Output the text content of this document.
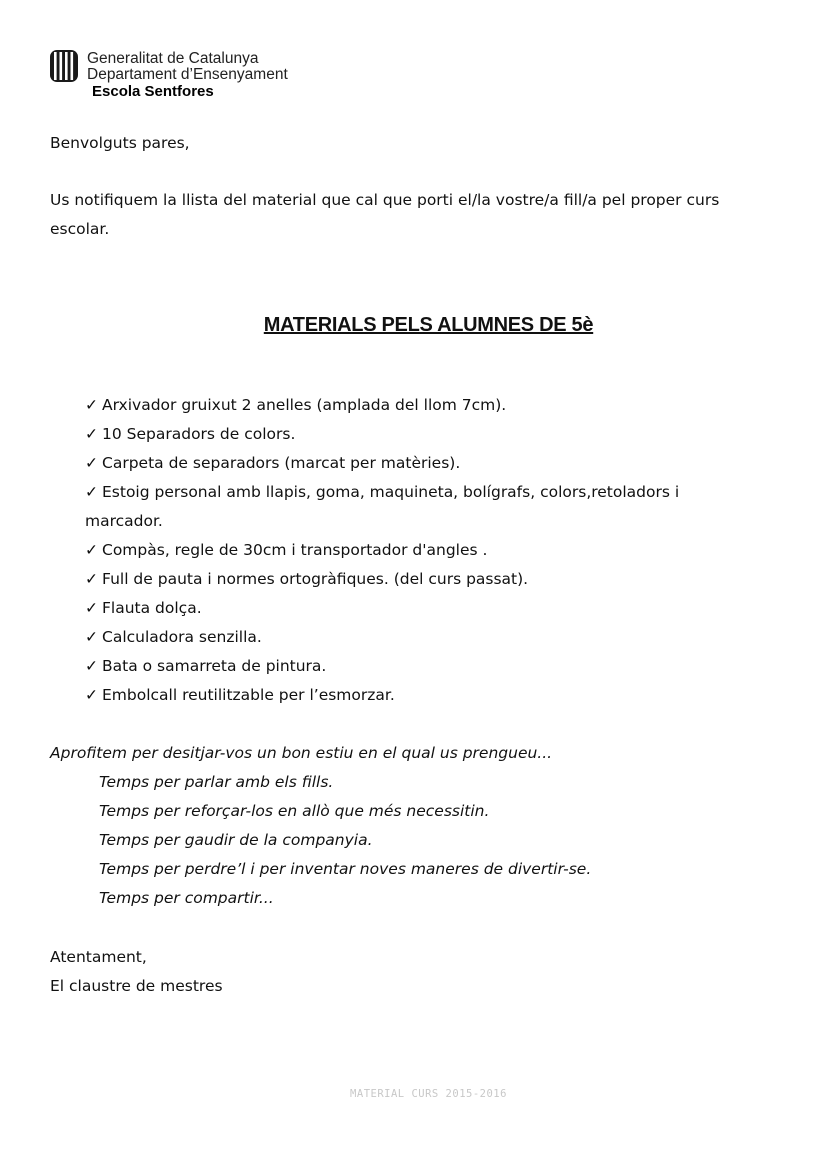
Generalitat de Catalunya
Departament d’Ensenyament
Escola Sentfores
Benvolguts pares,
Us notifiquem la llista del material que cal que porti el/la vostre/a fill/a pel proper curs escolar.
MATERIALS PELS ALUMNES DE 5è
✓ Arxivador gruixut 2 anelles (amplada del llom 7cm).
✓ 10 Separadors de colors.
✓ Carpeta de separadors (marcat per matèries).
✓ Estoig personal amb llapis, goma, maquineta, bolígrafs, colors,retoladors i marcador.
✓ Compàs, regle de 30cm i transportador d'angles .
✓ Full de pauta i normes ortogràfiques. (del curs passat).
✓ Flauta dolça.
✓ Calculadora senzilla.
✓ Bata o samarreta de pintura.
✓ Embolcall reutilitzable per l’esmorzar.
Aprofitem per desitjar-vos un bon estiu en el qual us prengueu...
Temps per parlar amb els fills.
Temps per reforçar-los en allò que més necessitin.
Temps per gaudir de la companyia.
Temps per perdre’l i per inventar noves maneres de divertir-se.
Temps per compartir...
Atentament,
El claustre de mestres
MATERIAL CURS 2015-2016
